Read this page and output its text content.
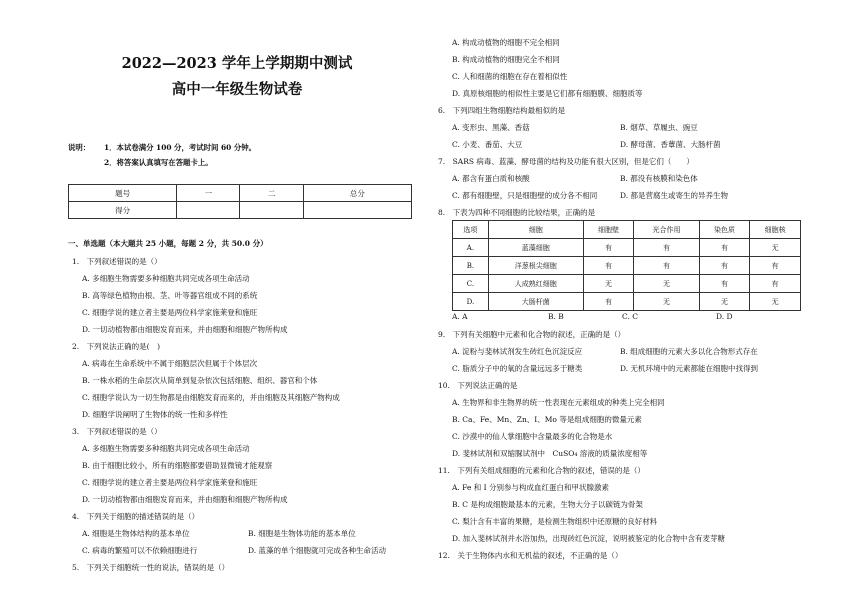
2022—2023 学年上学期期中测试
高中一年级生物试卷
说明： 1．本试卷满分 100 分，考试时间 60 分钟。
2．将答案认真填写在答题卡上。
题号	一	二	总分
得分			
一、单选题（本大题共 25 小题，每题 2 分，共 50.0 分）
1.　下列叙述错误的是（）
A. 多细胞生物需要多种细胞共同完成各项生命活动
B. 高等绿色植物由根、茎、叶等器官组成不同的系统
C. 细胞学说的建立者主要是两位科学家施莱登和施旺
D. 一切动植物都由细胞发育而来，并由细胞和细胞产物所构成
2.　下列说法正确的是(　)
A. 病毒在生命系统中不属于细胞层次但属于个体层次
B. 一株水稻的生命层次从简单到复杂依次包括细胞、组织、器官和个体
C. 细胞学说认为一切生物都是由细胞发育而来的，并由细胞及其细胞产物构成
D. 细胞学说阐明了生物体的统一性和多样性
3.　下列叙述错误的是（）
A. 多细胞生物需要多种细胞共同完成各项生命活动
B. 由于细胞比较小，所有的细胞都要借助显微镜才能观察
C. 细胞学说的建立者主要是两位科学家施莱登和施旺
D. 一切动植物都由细胞发育而来，并由细胞和细胞产物所构成
4.　下列关于细胞的描述错误的是（）
A. 细胞是生物体结构的基本单位	B. 细胞是生物体功能的基本单位
C. 病毒的繁殖可以不依赖细胞进行	D. 蓝藻的单个细胞就可完成各种生命活动
5.　下列关于细胞统一性的说法，错误的是（）
A. 构成动植物的细胞不完全相同
B. 构成动植物的细胞完全不相同
C. 人和细菌的细胞在存在着相似性
D. 真原核细胞的相似性主要是它们都有细胞膜、细胞质等
6.　下列四组生物细胞结构最相似的是
A. 变形虫、黑藻、香菇	B. 烟草、草履虫、豌豆
C. 小麦、番茄、大豆	D. 酵母菌、香蕈菌、大肠杆菌
7.　SARS 病毒、蓝藻、酵母菌的结构及功能有很大区别，但是它们（　　）
A. 都含有蛋白质和核酸	B. 都没有核膜和染色体
C. 都有细胞壁，只是细胞壁的成分各不相同	D. 都是营腐生或寄生的异养生物
8.　下表为四种不同细胞的比较结果，正确的是
选项	细胞	细胞壁	光合作用	染色质	细胞核
A.	蓝藻细胞	有	有	有	无
B.	洋葱根尖细胞	有	有	有	有
C.	人成熟红细胞	无	无	有	有
D.	大肠杆菌	有	无	无	无
A. A	B. B	C. C	D. D
9.　下列有关细胞中元素和化合物的叙述，正确的是（）
A. 淀粉与斐林试剂发生砖红色沉淀反应	B. 组成细胞的元素大多以化合物形式存在
C. 脂质分子中的氧的含量远远多于糖类	D. 无机环境中的元素都能在细胞中找得到
10.　下列说法正确的是
A. 生物界和非生物界的统一性表现在元素组成的种类上完全相同
B. Ca、Fe、Mn、Zn、I、Mo 等是组成细胞的微量元素
C. 沙漠中的仙人掌细胞中含量最多的化合物是水
D. 斐林试剂和双缩脲试剂中　CuSO₄ 溶液的质量浓度相等
11.　下列有关组成细胞的元素和化合物的叙述，错误的是（）
A. Fe 和 I 分别参与构成血红蛋白和甲状腺激素
B. C 是构成细胞最基本的元素，生物大分子以碳链为骨架
C. 梨汁含有丰富的果糖，是检测生物组织中还原糖的良好材料
D. 加入斐林试剂并水浴加热，出现砖红色沉淀，说明被鉴定的化合物中含有麦芽糖
12.　关于生物体内水和无机盐的叙述，不正确的是（）
